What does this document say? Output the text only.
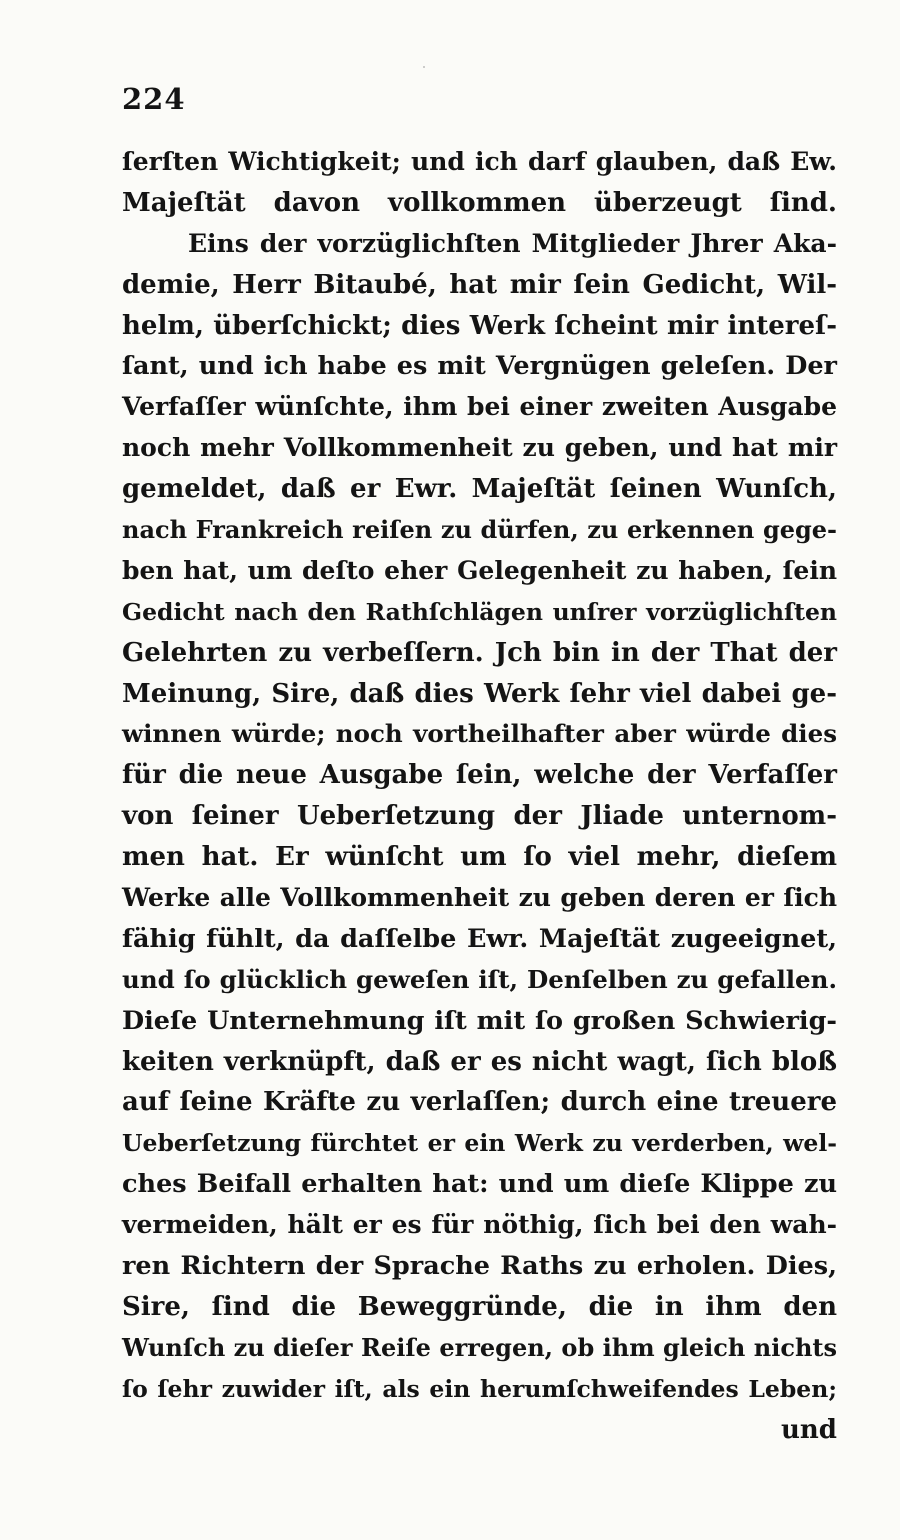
224
ſerſten Wichtigkeit; und ich darf glauben, daß Ew.
Majeſtät davon vollkommen überzeugt ſind.
Eins der vorzüglichſten Mitglieder Jhrer Aka-
demie, Herr Bitaubé, hat mir ſein Gedicht, Wil-
helm, überſchickt; dies Werk ſcheint mir intereſ-
ſant, und ich habe es mit Vergnügen geleſen. Der
Verfaſſer wünſchte, ihm bei einer zweiten Ausgabe
noch mehr Vollkommenheit zu geben, und hat mir
gemeldet, daß er Ewr. Majeſtät ſeinen Wunſch,
nach Frankreich reiſen zu dürfen, zu erkennen gege-
ben hat, um deſto eher Gelegenheit zu haben, ſein
Gedicht nach den Rathſchlägen unſrer vorzüglichſten
Gelehrten zu verbeſſern. Jch bin in der That der
Meinung, Sire, daß dies Werk ſehr viel dabei ge-
winnen würde; noch vortheilhafter aber würde dies
für die neue Ausgabe ſein, welche der Verfaſſer
von ſeiner Ueberſetzung der Jliade unternom-
men hat. Er wünſcht um ſo viel mehr, dieſem
Werke alle Vollkommenheit zu geben deren er ſich
fähig fühlt, da daſſelbe Ewr. Majeſtät zugeeignet,
und ſo glücklich geweſen iſt, Denſelben zu gefallen.
Dieſe Unternehmung iſt mit ſo großen Schwierig-
keiten verknüpft, daß er es nicht wagt, ſich bloß
auf ſeine Kräfte zu verlaſſen; durch eine treuere
Ueberſetzung fürchtet er ein Werk zu verderben, wel-
ches Beifall erhalten hat: und um dieſe Klippe zu
vermeiden, hält er es für nöthig, ſich bei den wah-
ren Richtern der Sprache Raths zu erholen. Dies,
Sire, ſind die Beweggründe, die in ihm den
Wunſch zu dieſer Reiſe erregen, ob ihm gleich nichts
ſo ſehr zuwider iſt, als ein herumſchweifendes Leben;
und
